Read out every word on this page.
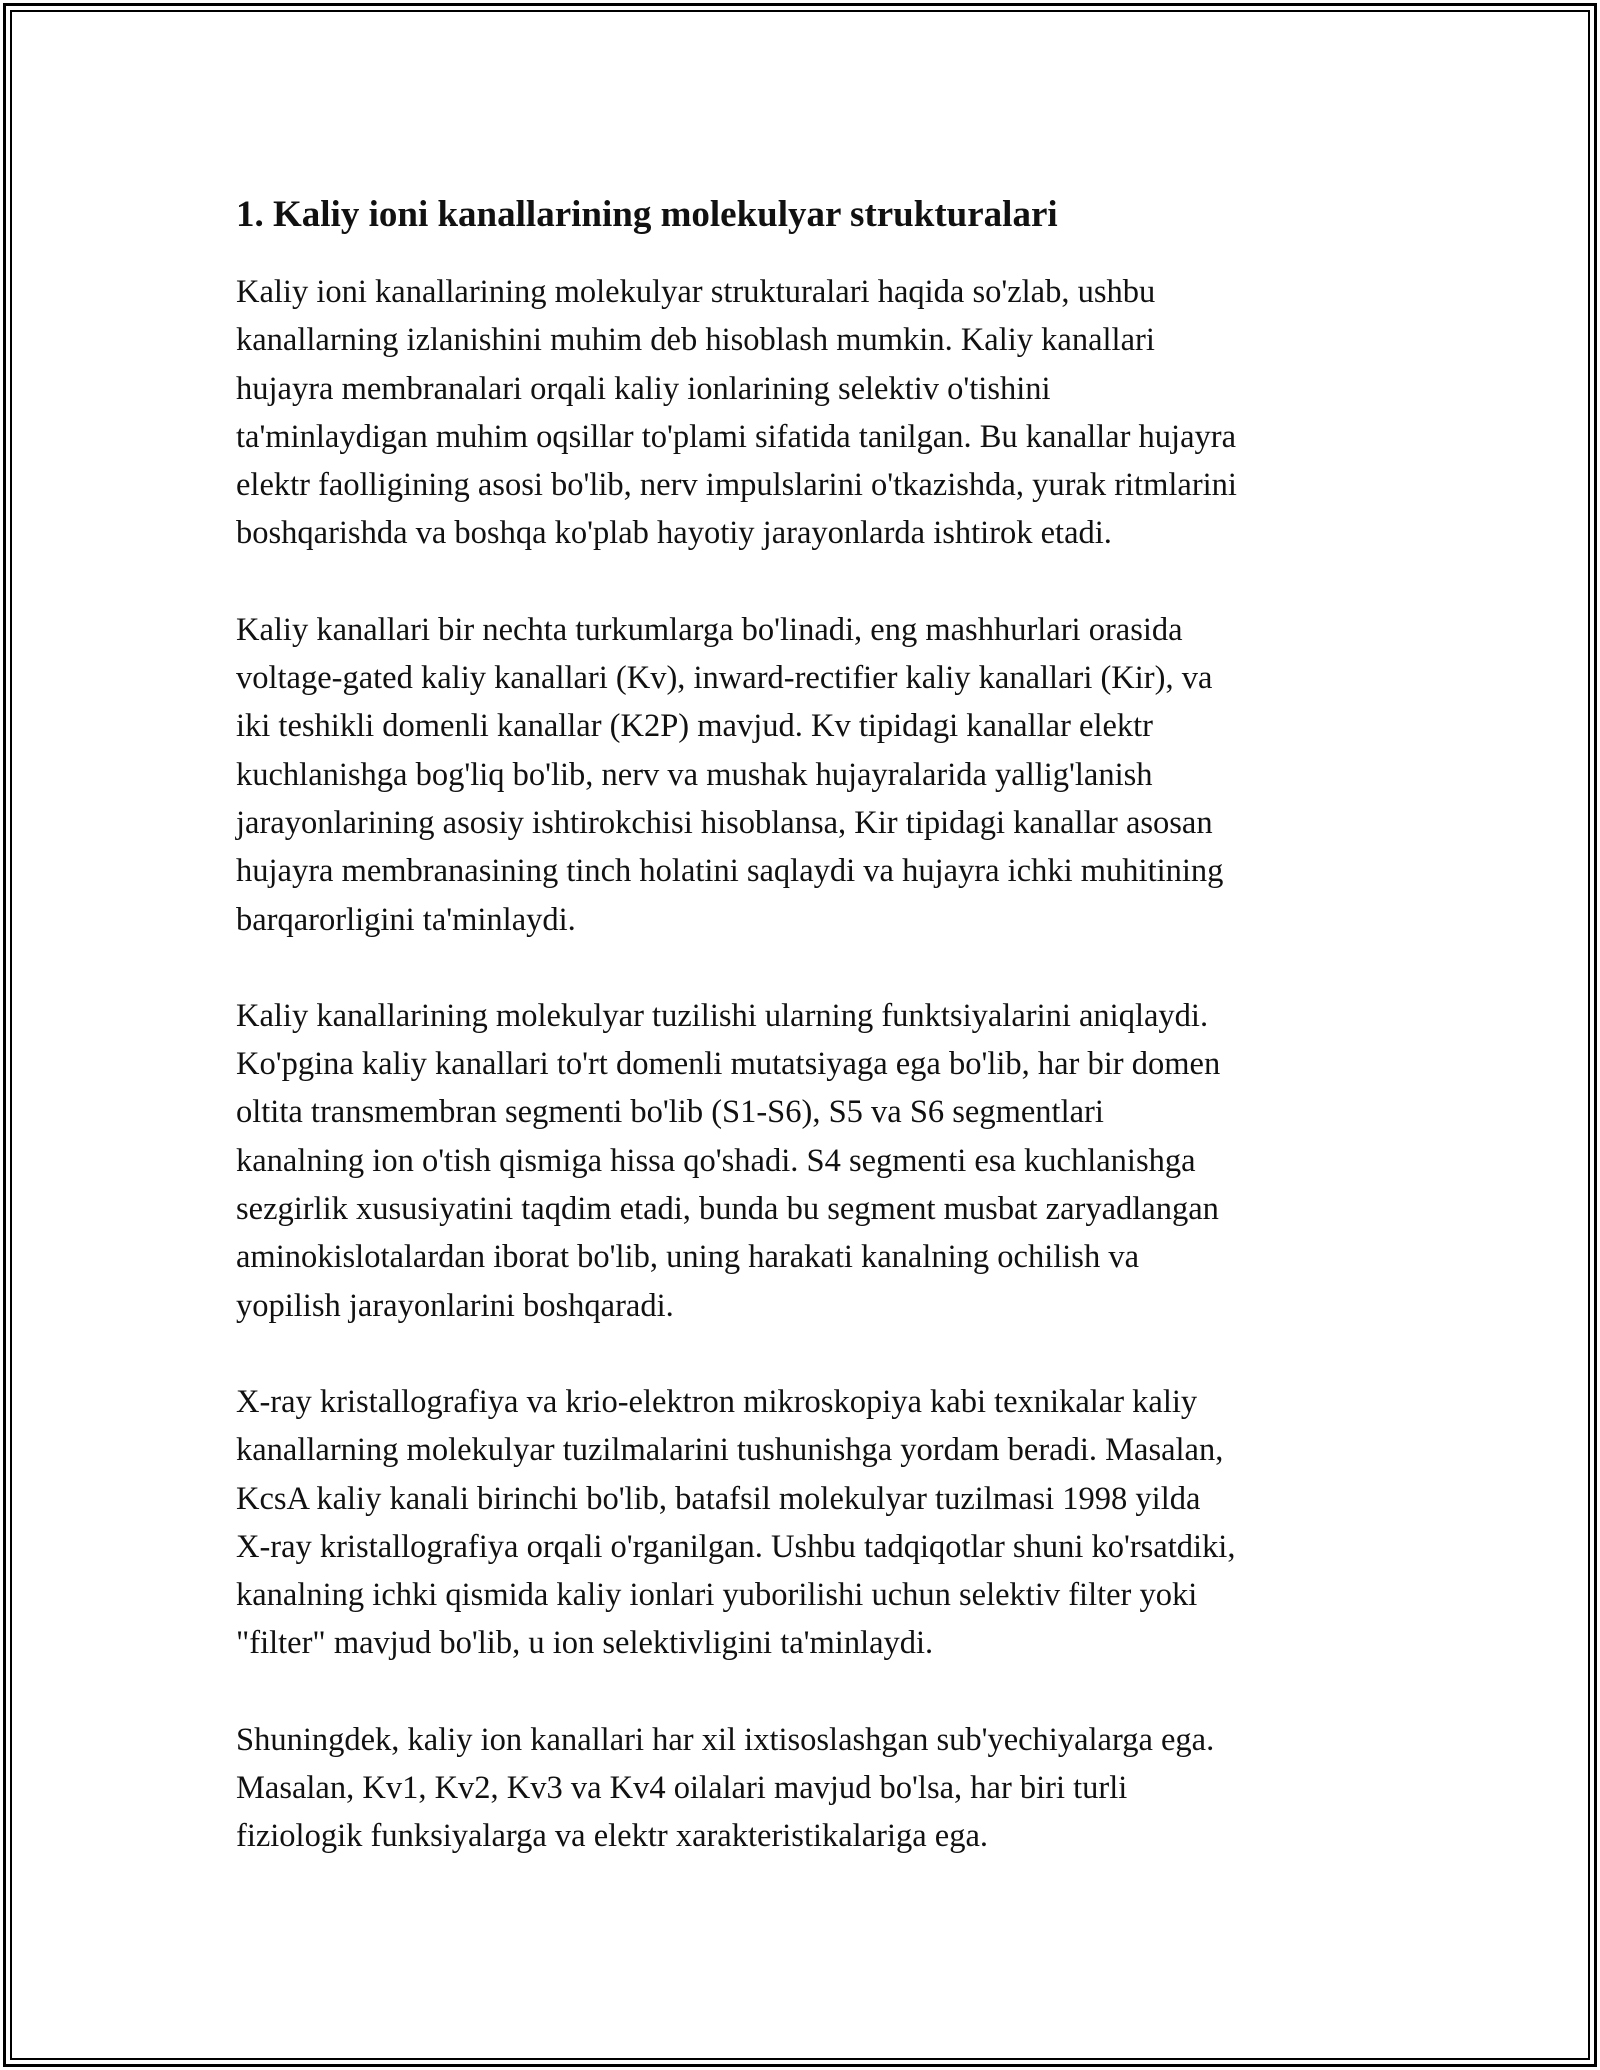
1. Kaliy ioni kanallarining molekulyar strukturalari

Kaliy ioni kanallarining molekulyar strukturalari haqida so'zlab, ushbu
kanallarning izlanishini muhim deb hisoblash mumkin. Kaliy kanallari
hujayra membranalari orqali kaliy ionlarining selektiv o'tishini
ta'minlaydigan muhim oqsillar to'plami sifatida tanilgan. Bu kanallar hujayra
elektr faolligining asosi bo'lib, nerv impulslarini o'tkazishda, yurak ritmlarini
boshqarishda va boshqa ko'plab hayotiy jarayonlarda ishtirok etadi.

Kaliy kanallari bir nechta turkumlarga bo'linadi, eng mashhurlari orasida
voltage-gated kaliy kanallari (Kv), inward-rectifier kaliy kanallari (Kir), va
iki teshikli domenli kanallar (K2P) mavjud. Kv tipidagi kanallar elektr
kuchlanishga bog'liq bo'lib, nerv va mushak hujayralarida yallig'lanish
jarayonlarining asosiy ishtirokchisi hisoblansa, Kir tipidagi kanallar asosan
hujayra membranasining tinch holatini saqlaydi va hujayra ichki muhitining
barqarorligini ta'minlaydi.

Kaliy kanallarining molekulyar tuzilishi ularning funktsiyalarini aniqlaydi.
Ko'pgina kaliy kanallari to'rt domenli mutatsiyaga ega bo'lib, har bir domen
oltita transmembran segmenti bo'lib (S1-S6), S5 va S6 segmentlari
kanalning ion o'tish qismiga hissa qo'shadi. S4 segmenti esa kuchlanishga
sezgirlik xususiyatini taqdim etadi, bunda bu segment musbat zaryadlangan
aminokislotalardan iborat bo'lib, uning harakati kanalning ochilish va
yopilish jarayonlarini boshqaradi.

X-ray kristallografiya va krio-elektron mikroskopiya kabi texnikalar kaliy
kanallarning molekulyar tuzilmalarini tushunishga yordam beradi. Masalan,
KcsA kaliy kanali birinchi bo'lib, batafsil molekulyar tuzilmasi 1998 yilda
X-ray kristallografiya orqali o'rganilgan. Ushbu tadqiqotlar shuni ko'rsatdiki,
kanalning ichki qismida kaliy ionlari yuborilishi uchun selektiv filter yoki
"filter" mavjud bo'lib, u ion selektivligini ta'minlaydi.

Shuningdek, kaliy ion kanallari har xil ixtisoslashgan sub'yechiyalarga ega.
Masalan, Kv1, Kv2, Kv3 va Kv4 oilalari mavjud bo'lsa, har biri turli
fiziologik funksiyalarga va elektr xarakteristikalariga ega.
